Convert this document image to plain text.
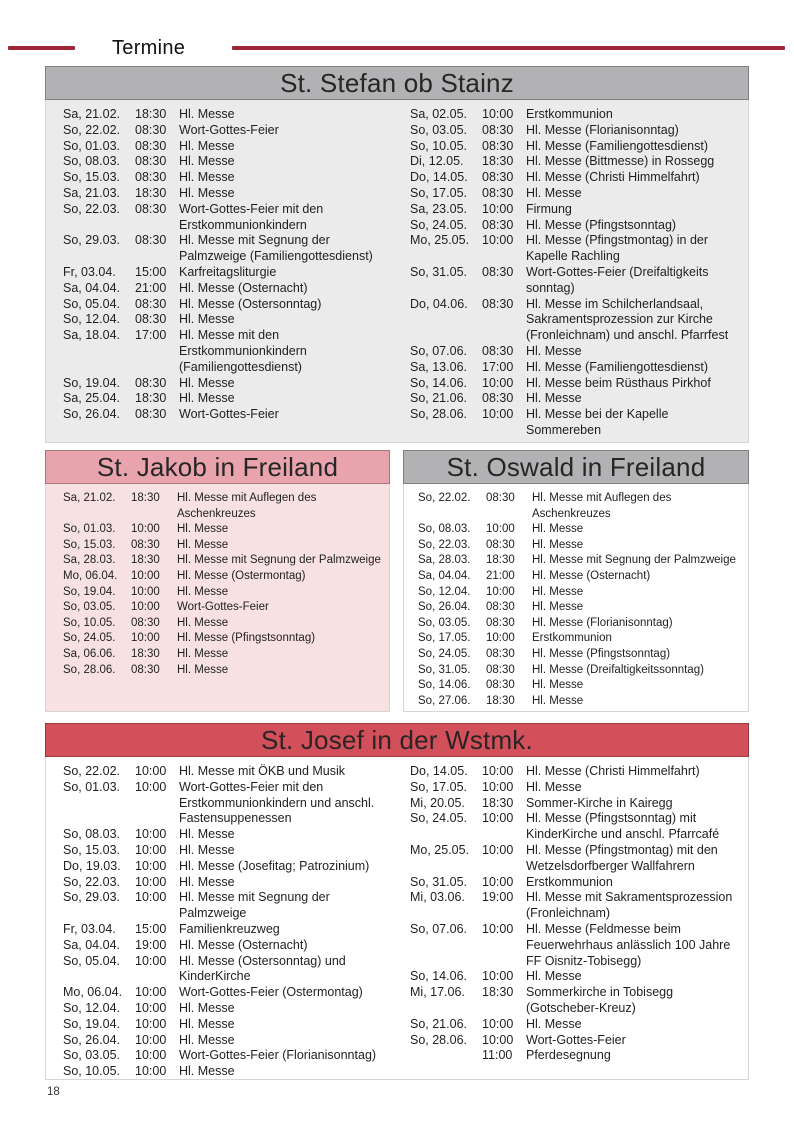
Termine
St. Stefan ob Stainz
Sa, 21.02.	18:30	Hl. Messe
So, 22.02.	08:30	Wort-Gottes-Feier
So, 01.03.	08:30	Hl. Messe
So, 08.03.	08:30	Hl. Messe
So, 15.03.	08:30	Hl. Messe
Sa, 21.03.	18:30	Hl. Messe
So, 22.03.	08:30	Wort-Gottes-Feier mit den Erstkommunionkindern
So, 29.03.	08:30	Hl. Messe mit Segnung der Palmzweige (Familiengottesdienst)
Fr, 03.04.	15:00	Karfreitagsliturgie
Sa, 04.04.	21:00	Hl. Messe (Osternacht)
So, 05.04.	08:30	Hl. Messe (Ostersonntag)
So, 12.04.	08:30	Hl. Messe
Sa, 18.04.	17:00	Hl. Messe mit den Erstkommunionkindern (Familiengottesdienst)
So, 19.04.	08:30	Hl. Messe
Sa, 25.04.	18:30	Hl. Messe
So, 26.04.	08:30	Wort-Gottes-Feier
Sa, 02.05.	10:00	Erstkommunion
So, 03.05.	08:30	Hl. Messe (Florianisonntag)
So, 10.05.	08:30	Hl. Messe (Familiengottesdienst)
Di, 12.05.	18:30	Hl. Messe (Bittmesse) in Rossegg
Do, 14.05.	08:30	Hl. Messe (Christi Himmelfahrt)
So, 17.05.	08:30	Hl. Messe
Sa, 23.05.	10:00	Firmung
So, 24.05.	08:30	Hl. Messe (Pfingstsonntag)
Mo, 25.05.	10:00	Hl. Messe (Pfingstmontag) in der Kapelle Rachling
So, 31.05.	08:30	Wort-Gottes-Feier (Dreifaltigkeits sonntag)
Do, 04.06.	08:30	Hl. Messe im Schilcherlandsaal, Sakramentsprozession zur Kirche (Fronleichnam) und anschl. Pfarrfest
So, 07.06.	08:30	Hl. Messe
Sa, 13.06.	17:00	Hl. Messe (Familiengottesdienst)
So, 14.06.	10:00	Hl. Messe beim Rüsthaus Pirkhof
So, 21.06.	08:30	Hl. Messe
So, 28.06.	10:00	Hl. Messe bei der Kapelle Sommereben
St. Jakob in Freiland
Sa, 21.02.	18:30	Hl. Messe mit Auflegen des Aschenkreuzes
So, 01.03.	10:00	Hl. Messe
So, 15.03.	08:30	Hl. Messe
Sa, 28.03.	18:30	Hl. Messe mit Segnung der Palmzweige
Mo, 06.04.	10:00	Hl. Messe (Ostermontag)
So, 19.04.	10:00	Hl. Messe
So, 03.05.	10:00	Wort-Gottes-Feier
So, 10.05.	08:30	Hl. Messe
So, 24.05.	10:00	Hl. Messe (Pfingstsonntag)
Sa, 06.06.	18:30	Hl. Messe
So, 28.06.	08:30	Hl. Messe
St. Oswald in Freiland
So, 22.02.	08:30	Hl. Messe mit Auflegen des Aschenkreuzes
So, 08.03.	10:00	Hl. Messe
So, 22.03.	08:30	Hl. Messe
Sa, 28.03.	18:30	Hl. Messe mit Segnung der Palmzweige
Sa, 04.04.	21:00	Hl. Messe (Osternacht)
So, 12.04.	10:00	Hl. Messe
So, 26.04.	08:30	Hl. Messe
So, 03.05.	08:30	Hl. Messe (Florianisonntag)
So, 17.05.	10:00	Erstkommunion
So, 24.05.	08:30	Hl. Messe (Pfingstsonntag)
So, 31.05.	08:30	Hl. Messe (Dreifaltigkeitssonntag)
So, 14.06.	08:30	Hl. Messe
So, 27.06.	18:30	Hl. Messe
St. Josef in der Wstmk.
So, 22.02.	10:00	Hl. Messe mit ÖKB und Musik
So, 01.03.	10:00	Wort-Gottes-Feier mit den Erstkommunionkindern und anschl. Fastensuppenessen
So, 08.03.	10:00	Hl. Messe
So, 15.03.	10:00	Hl. Messe
Do, 19.03.	10:00	Hl. Messe (Josefitag; Patrozinium)
So, 22.03.	10:00	Hl. Messe
So, 29.03.	10:00	Hl. Messe mit Segnung der Palmzweige
Fr, 03.04.	15:00	Familienkreuzweg
Sa, 04.04.	19:00	Hl. Messe (Osternacht)
So, 05.04.	10:00	Hl. Messe (Ostersonntag) und KinderKirche
Mo, 06.04.	10:00	Wort-Gottes-Feier (Ostermontag)
So, 12.04.	10:00	Hl. Messe
So, 19.04.	10:00	Hl. Messe
So, 26.04.	10:00	Hl. Messe
So, 03.05.	10:00	Wort-Gottes-Feier (Florianisonntag)
So, 10.05.	10:00	Hl. Messe
Do, 14.05.	10:00	Hl. Messe (Christi Himmelfahrt)
So, 17.05.	10:00	Hl. Messe
Mi, 20.05.	18:30	Sommer-Kirche in Kairegg
So, 24.05.	10:00	Hl. Messe (Pfingstsonntag) mit KinderKirche und anschl. Pfarrcafé
Mo, 25.05.	10:00	Hl. Messe (Pfingstmontag) mit den Wetzelsdorfberger Wallfahrern
So, 31.05.	10:00	Erstkommunion
Mi, 03.06.	19:00	Hl. Messe mit Sakramentsprozession (Fronleichnam)
So, 07.06.	10:00	Hl. Messe (Feldmesse beim Feuerwehrhaus anlässlich 100 Jahre FF Oisnitz-Tobisegg)
So, 14.06.	10:00	Hl. Messe
Mi, 17.06.	18:30	Sommerkirche in Tobisegg (Gotscheber-Kreuz)
So, 21.06.	10:00	Hl. Messe
So, 28.06.	10:00	Wort-Gottes-Feier
11:00	Pferdesegnung
18
